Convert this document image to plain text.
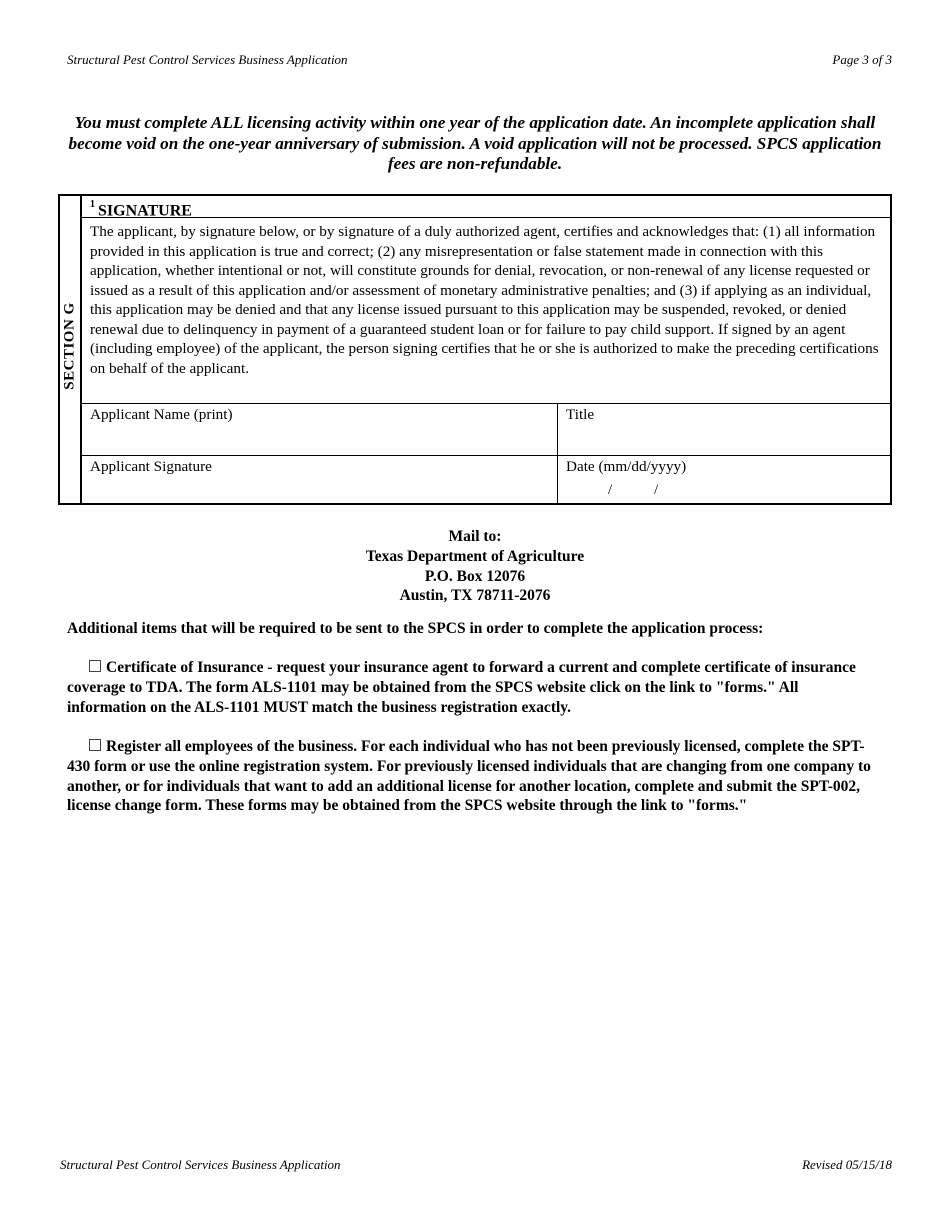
Structural Pest Control Services Business Application	Page 3 of 3
You must complete ALL licensing activity within one year of the application date. An incomplete application shall become void on the one-year anniversary of submission. A void application will not be processed. SPCS application fees are non-refundable.
SECTION G
$^1$ SIGNATURE
The applicant, by signature below, or by signature of a duly authorized agent, certifies and acknowledges that: (1) all information provided in this application is true and correct; (2) any misrepresentation or false statement made in connection with this application, whether intentional or not, will constitute grounds for denial, revocation, or non-renewal of any license requested or issued as a result of this application and/or assessment of monetary administrative penalties; and (3) if applying as an individual, this application may be denied and that any license issued pursuant to this application may be suspended, revoked, or denied renewal due to delinquency in payment of a guaranteed student loan or for failure to pay child support. If signed by an agent (including employee) of the applicant, the person signing certifies that he or she is authorized to make the preceding certifications on behalf of the applicant.
Applicant Name (print)	Title
Applicant Signature	Date (mm/dd/yyyy)
/	/
Mail to:
Texas Department of Agriculture
P.O. Box 12076
Austin, TX 78711-2076
Additional items that will be required to be sent to the SPCS in order to complete the application process:
Certificate of Insurance - request your insurance agent to forward a current and complete certificate of insurance coverage to TDA. The form ALS-1101 may be obtained from the SPCS website click on the link to "forms." All information on the ALS-1101 MUST match the business registration exactly.
Register all employees of the business. For each individual who has not been previously licensed, complete the SPT-430 form or use the online registration system. For previously licensed individuals that are changing from one company to another, or for individuals that want to add an additional license for another location, complete and submit the SPT-002, license change form. These forms may be obtained from the SPCS website through the link to "forms."
Structural Pest Control Services Business Application	Revised 05/15/18
